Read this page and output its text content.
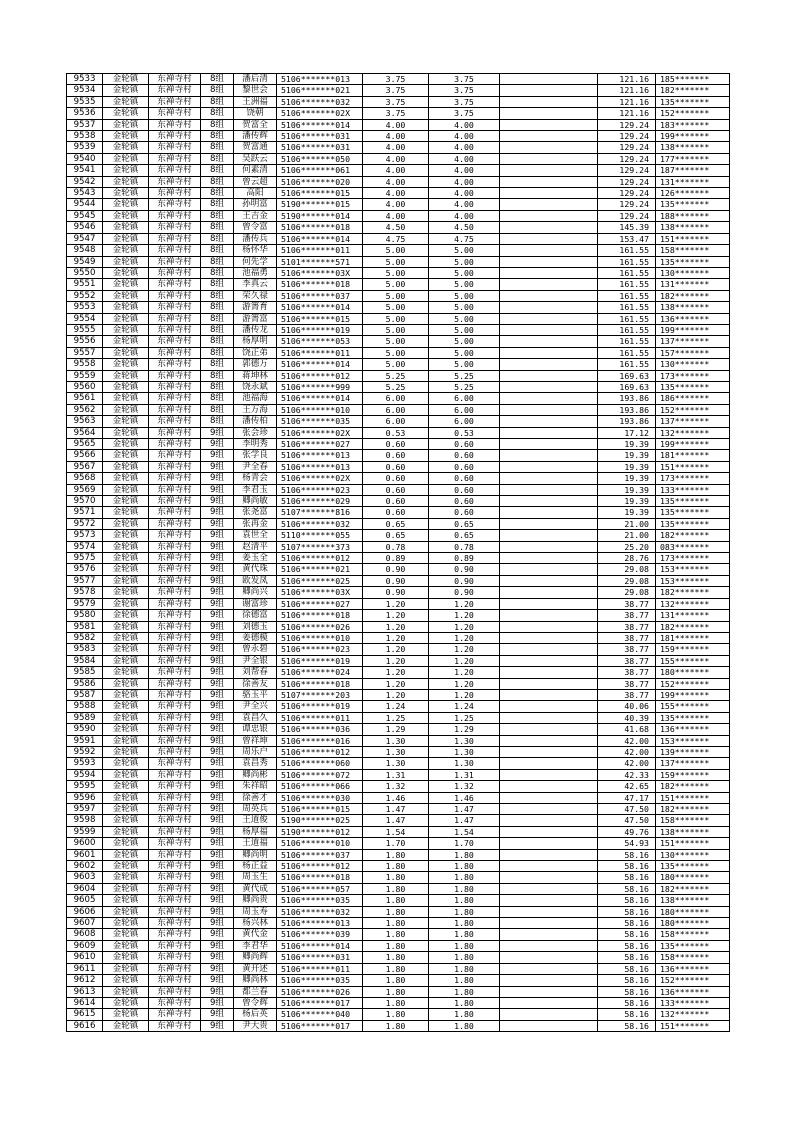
9533	金轮镇	东禅寺村	8组	潘后清	5106*******013	3.75	3.75		121.16	185*******
9534	金轮镇	东禅寺村	8组	黎世会	5106*******021	3.75	3.75		121.16	182*******
9535	金轮镇	东禅寺村	8组	王洲福	5106*******032	3.75	3.75		121.16	135*******
9536	金轮镇	东禅寺村	8组	饶朝	5106*******02X	3.75	3.75		121.16	152*******
9537	金轮镇	东禅寺村	8组	贺富全	5106*******014	4.00	4.00		129.24	183*******
9538	金轮镇	东禅寺村	8组	潘传辉	5106*******031	4.00	4.00		129.24	199*******
9539	金轮镇	东禅寺村	8组	贺富通	5106*******031	4.00	4.00		129.24	138*******
9540	金轮镇	东禅寺村	8组	吴跃云	5106*******050	4.00	4.00		129.24	177*******
9541	金轮镇	东禅寺村	8组	何素清	5106*******061	4.00	4.00		129.24	187*******
9542	金轮镇	东禅寺村	8组	曾云超	5106*******020	4.00	4.00		129.24	131*******
9543	金轮镇	东禅寺村	8组	高阳	5106*******015	4.00	4.00		129.24	126*******
9544	金轮镇	东禅寺村	8组	孙明富	5190*******015	4.00	4.00		129.24	135*******
9545	金轮镇	东禅寺村	8组	王吉金	5190*******014	4.00	4.00		129.24	188*******
9546	金轮镇	东禅寺村	8组	曾令富	5106*******018	4.50	4.50		145.39	138*******
9547	金轮镇	东禅寺村	8组	潘传兵	5106*******014	4.75	4.75		153.47	151*******
9548	金轮镇	东禅寺村	8组	杨怀华	5106*******011	5.00	5.00		161.55	158*******
9549	金轮镇	东禅寺村	8组	何先学	5101*******571	5.00	5.00		161.55	135*******
9550	金轮镇	东禅寺村	8组	池福勇	5106*******03X	5.00	5.00		161.55	130*******
9551	金轮镇	东禅寺村	8组	李真云	5106*******018	5.00	5.00		161.55	131*******
9552	金轮镇	东禅寺村	8组	荣久禄	5106*******037	5.00	5.00		161.55	182*******
9553	金轮镇	东禅寺村	8组	游箐育	5106*******014	5.00	5.00		161.55	138*******
9554	金轮镇	东禅寺村	8组	游箐富	5106*******015	5.00	5.00		161.55	136*******
9555	金轮镇	东禅寺村	8组	潘传龙	5106*******019	5.00	5.00		161.55	199*******
9556	金轮镇	东禅寺村	8组	杨厚明	5106*******053	5.00	5.00		161.55	137*******
9557	金轮镇	东禅寺村	8组	饶正弟	5106*******011	5.00	5.00		161.55	157*******
9558	金轮镇	东禅寺村	8组	郭德万	5106*******014	5.00	5.00		161.55	130*******
9559	金轮镇	东禅寺村	8组	蒋坤林	5106*******012	5.25	5.25		169.63	173*******
9560	金轮镇	东禅寺村	8组	饶永斌	5106*******999	5.25	5.25		169.63	135*******
9561	金轮镇	东禅寺村	8组	池福海	5106*******014	6.00	6.00		193.86	186*******
9562	金轮镇	东禅寺村	8组	王万海	5106*******010	6.00	6.00		193.86	152*******
9563	金轮镇	东禅寺村	8组	潘传柏	5106*******035	6.00	6.00		193.86	137*******
9564	金轮镇	东禅寺村	9组	张会珍	5106*******02X	0.53	0.53		17.12	132*******
9565	金轮镇	东禅寺村	9组	李明秀	5106*******027	0.60	0.60		19.39	199*******
9566	金轮镇	东禅寺村	9组	张学良	5106*******013	0.60	0.60		19.39	181*******
9567	金轮镇	东禅寺村	9组	尹全春	5106*******013	0.60	0.60		19.39	151*******
9568	金轮镇	东禅寺村	9组	杨青会	5106*******02X	0.60	0.60		19.39	173*******
9569	金轮镇	东禅寺村	9组	李君玉	5106*******023	0.60	0.60		19.39	133*******
9570	金轮镇	东禅寺村	9组	卿尚敏	5106*******029	0.60	0.60		19.39	135*******
9571	金轮镇	东禅寺村	9组	张尧富	5107*******816	0.60	0.60		19.39	135*******
9572	金轮镇	东禅寺村	9组	张再金	5106*******032	0.65	0.65		21.00	135*******
9573	金轮镇	东禅寺村	9组	袁世全	5110*******055	0.65	0.65		21.00	182*******
9574	金轮镇	东禅寺村	9组	赵清平	5107*******373	0.78	0.78		25.20	083*******
9575	金轮镇	东禅寺村	9组	姜玉全	5106*******012	0.89	0.89		28.76	173*******
9576	金轮镇	东禅寺村	9组	黄代珠	5106*******021	0.90	0.90		29.08	153*******
9577	金轮镇	东禅寺村	9组	欧发凤	5106*******025	0.90	0.90		29.08	153*******
9578	金轮镇	东禅寺村	9组	卿尚兴	5106*******03X	0.90	0.90		29.08	182*******
9579	金轮镇	东禅寺村	9组	谢富珍	5106*******027	1.20	1.20		38.77	132*******
9580	金轮镇	东禅寺村	9组	徐德富	5106*******018	1.20	1.20		38.77	131*******
9581	金轮镇	东禅寺村	9组	刘德玉	5106*******026	1.20	1.20		38.77	182*******
9582	金轮镇	东禅寺村	9组	姜德模	5106*******010	1.20	1.20		38.77	181*******
9583	金轮镇	东禅寺村	9组	曾永碧	5106*******023	1.20	1.20		38.77	159*******
9584	金轮镇	东禅寺村	9组	尹全银	5106*******019	1.20	1.20		38.77	155*******
9585	金轮镇	东禅寺村	9组	刘帮春	5106*******024	1.20	1.20		38.77	180*******
9586	金轮镇	东禅寺村	9组	徐善友	5106*******018	1.20	1.20		38.77	152*******
9587	金轮镇	东禅寺村	9组	骆玉平	5107*******203	1.20	1.20		38.77	199*******
9588	金轮镇	东禅寺村	9组	尹全兴	5106*******019	1.24	1.24		40.06	155*******
9589	金轮镇	东禅寺村	9组	袁昌久	5106*******011	1.25	1.25		40.39	135*******
9590	金轮镇	东禅寺村	9组	谭忠银	5106*******036	1.29	1.29		41.68	136*******
9591	金轮镇	东禅寺村	9组	曾祥坤	5106*******016	1.30	1.30		42.00	153*******
9592	金轮镇	东禅寺村	9组	周乐户	5106*******012	1.30	1.30		42.00	139*******
9593	金轮镇	东禅寺村	9组	袁昌秀	5106*******060	1.30	1.30		42.00	137*******
9594	金轮镇	东禅寺村	9组	卿尚彬	5106*******072	1.31	1.31		42.33	159*******
9595	金轮镇	东禅寺村	9组	朱祥昭	5106*******066	1.32	1.32		42.65	182*******
9596	金轮镇	东禅寺村	9组	徐善才	5106*******030	1.46	1.46		47.17	151*******
9597	金轮镇	东禅寺村	9组	周英兵	5106*******015	1.47	1.47		47.50	182*******
9598	金轮镇	东禅寺村	9组	王道俊	5190*******025	1.47	1.47		47.50	158*******
9599	金轮镇	东禅寺村	9组	杨厚福	5190*******012	1.54	1.54		49.76	138*******
9600	金轮镇	东禅寺村	9组	王道福	5106*******010	1.70	1.70		54.93	151*******
9601	金轮镇	东禅寺村	9组	卿尚明	5106*******037	1.80	1.80		58.16	130*******
9602	金轮镇	东禅寺村	9组	杨正益	5106*******012	1.80	1.80		58.16	135*******
9603	金轮镇	东禅寺村	9组	周玉生	5106*******018	1.80	1.80		58.16	180*******
9604	金轮镇	东禅寺村	9组	黄代成	5106*******057	1.80	1.80		58.16	182*******
9605	金轮镇	东禅寺村	9组	卿尚贵	5106*******035	1.80	1.80		58.16	138*******
9606	金轮镇	东禅寺村	9组	周玉寿	5106*******032	1.80	1.80		58.16	180*******
9607	金轮镇	东禅寺村	9组	杨兴林	5106*******013	1.80	1.80		58.16	180*******
9608	金轮镇	东禅寺村	9组	黄代金	5106*******039	1.80	1.80		58.16	158*******
9609	金轮镇	东禅寺村	9组	李君华	5106*******014	1.80	1.80		58.16	135*******
9610	金轮镇	东禅寺村	9组	卿尚辉	5106*******031	1.80	1.80		58.16	158*******
9611	金轮镇	东禅寺村	9组	黄开述	5106*******011	1.80	1.80		58.16	136*******
9612	金轮镇	东禅寺村	9组	卿尚林	5106*******035	1.80	1.80		58.16	152*******
9613	金轮镇	东禅寺村	9组	都兰春	5106*******026	1.80	1.80		58.16	136*******
9614	金轮镇	东禅寺村	9组	曾令辉	5106*******017	1.80	1.80		58.16	133*******
9615	金轮镇	东禅寺村	9组	杨后英	5106*******040	1.80	1.80		58.16	132*******
9616	金轮镇	东禅寺村	9组	尹大贵	5106*******017	1.80	1.80		58.16	151*******
